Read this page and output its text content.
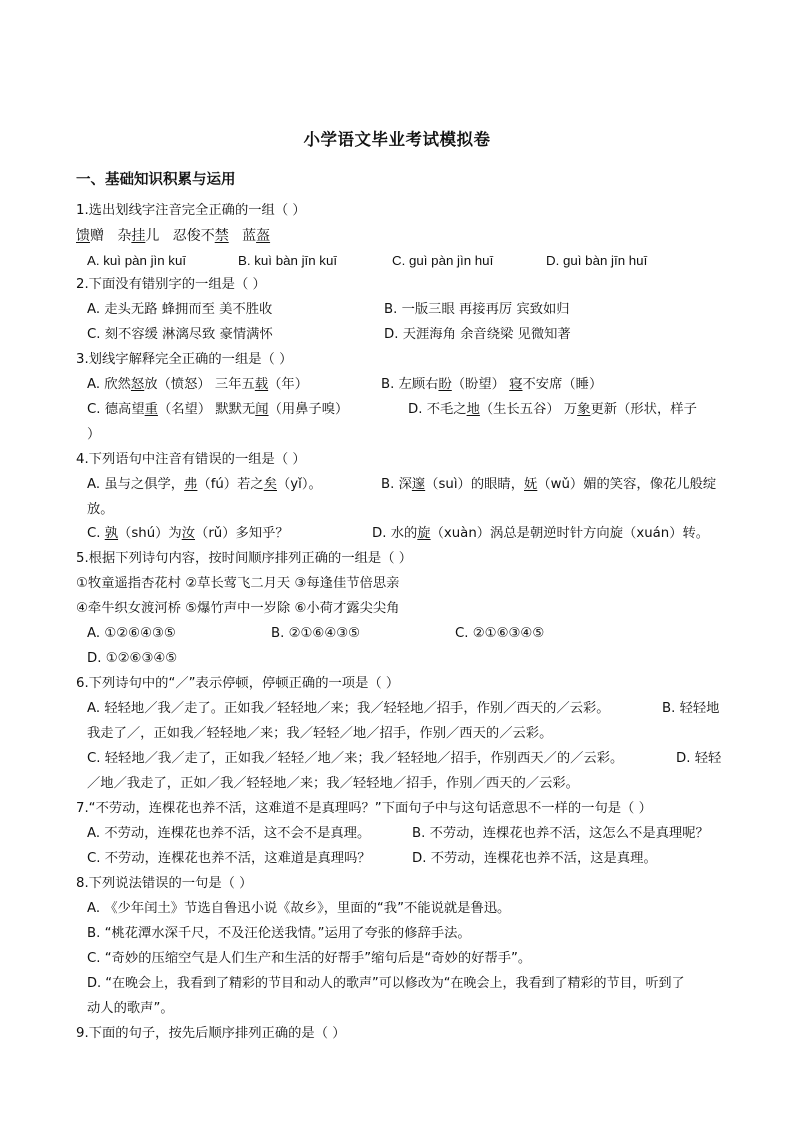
小学语文毕业考试模拟卷
一、基础知识积累与运用
1.选出划线字注音完全正确的一组（ ）
馈赠 杂挂儿 忍俊不禁 蓝盔
A. kuì pàn jìn kuī	B. kuì bàn jīn kuī	C. guì pàn jìn huī	D. guì bàn jīn huī
2.下面没有错别字的一组是（ ）
A. 走头无路 蜂拥而至 美不胜收	B. 一版三眼 再接再厉 宾致如归
C. 刻不容缓 淋漓尽致 豪情满怀	D. 天涯海角 余音绕梁 见微知著
3.划线字解释完全正确的一组是（ ）
A. 欣然怒放（愤怒） 三年五载（年）	B. 左顾右盼（盼望） 寝不安席（睡）
C. 德高望重（名望） 默默无闻（用鼻子嗅）	D. 不毛之地（生长五谷） 万象更新（形状，样子
）
4.下列语句中注音有错误的一组是（ ）
A. 虽与之俱学，弗（fú）若之矣（yǐ）。	B. 深邃（suì）的眼睛，妩（wǔ）媚的笑容，像花儿般绽
放。
C. 孰（shú）为汝（rǔ）多知乎？	D. 水的旋（xuàn）涡总是朝逆时针方向旋（xuán）转。
5.根据下列诗句内容，按时间顺序排列正确的一组是（ ）
①牧童遥指杏花村 ②草长莺飞二月天 ③每逢佳节倍思亲
④牵牛织女渡河桥 ⑤爆竹声中一岁除 ⑥小荷才露尖尖角
A. ①②⑥④③⑤	B. ②①⑥④③⑤	C. ②①⑥③④⑤
D. ①②⑥③④⑤
6.下列诗句中的“／”表示停顿，停顿正确的一项是（ ）
A. 轻轻地／我／走了。正如我／轻轻地／来；我／轻轻地／招手，作别／西天的／云彩。	B. 轻轻地
我走了／，正如我／轻轻地／来；我／轻轻／地／招手，作别／西天的／云彩。
C. 轻轻地／我／走了，正如我／轻轻／地／来；我／轻轻地／招手，作别西天／的／云彩。	D. 轻轻
／地／我走了，正如／我／轻轻地／来；我／轻轻地／招手，作别／西天的／云彩。
7.“不劳动，连棵花也养不活，这难道不是真理吗？”下面句子中与这句话意思不一样的一句是（ ）
A. 不劳动，连棵花也养不活，这不会不是真理。	B. 不劳动，连棵花也养不活，这怎么不是真理呢？
C. 不劳动，连棵花也养不活，这难道是真理吗？	D. 不劳动，连棵花也养不活，这是真理。
8.下列说法错误的一句是（ ）
A. 《少年闰土》节选自鲁迅小说《故乡》，里面的“我”不能说就是鲁迅。
B. “桃花潭水深千尺，不及汪伦送我情。”运用了夸张的修辞手法。
C. “奇妙的压缩空气是人们生产和生活的好帮手”缩句后是“奇妙的好帮手”。
D. “在晚会上，我看到了精彩的节目和动人的歌声”可以修改为“在晚会上，我看到了精彩的节目，听到了
动人的歌声”。
9.下面的句子，按先后顺序排列正确的是（ ）
